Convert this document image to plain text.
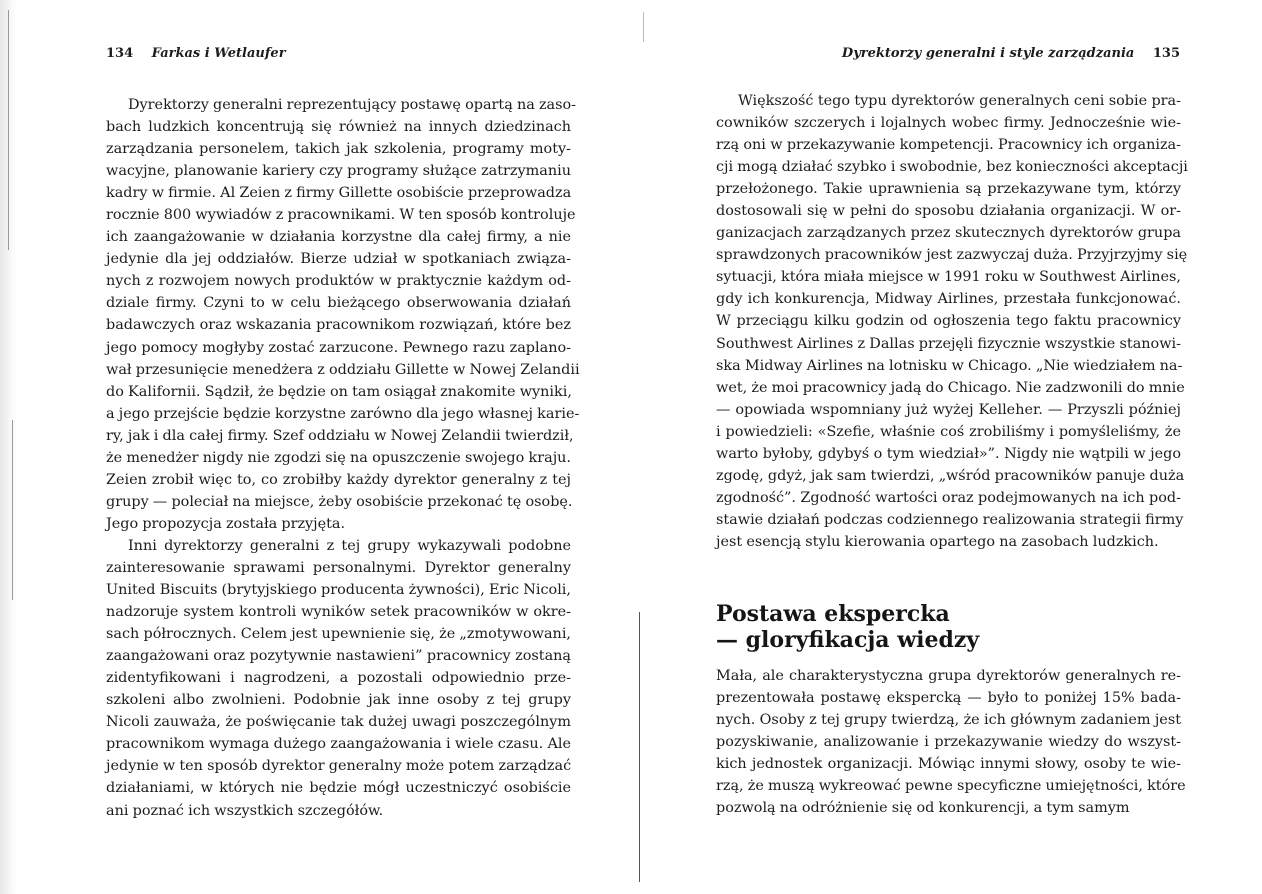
134 Farkas i Wetlaufer

Dyrektorzy generalni reprezentujący postawę opartą na zaso-
bach ludzkich koncentrują się również na innych dziedzinach
zarządzania personelem, takich jak szkolenia, programy moty-
wacyjne, planowanie kariery czy programy służące zatrzymaniu
kadry w firmie. Al Zeien z firmy Gillette osobiście przeprowadza
rocznie 800 wywiadów z pracownikami. W ten sposób kontroluje
ich zaangażowanie w działania korzystne dla całej firmy, a nie
jedynie dla jej oddziałów. Bierze udział w spotkaniach związa-
nych z rozwojem nowych produktów w praktycznie każdym od-
dziale firmy. Czyni to w celu bieżącego obserwowania działań
badawczych oraz wskazania pracownikom rozwiązań, które bez
jego pomocy mogłyby zostać zarzucone. Pewnego razu zaplano-
wał przesunięcie menedżera z oddziału Gillette w Nowej Zelandii
do Kalifornii. Sądził, że będzie on tam osiągał znakomite wyniki,
a jego przejście będzie korzystne zarówno dla jego własnej karie-
ry, jak i dla całej firmy. Szef oddziału w Nowej Zelandii twierdził,
że menedżer nigdy nie zgodzi się na opuszczenie swojego kraju.
Zeien zrobił więc to, co zrobiłby każdy dyrektor generalny z tej
grupy — poleciał na miejsce, żeby osobiście przekonać tę osobę.
Jego propozycja została przyjęta.

Inni dyrektorzy generalni z tej grupy wykazywali podobne
zainteresowanie sprawami personalnymi. Dyrektor generalny
United Biscuits (brytyjskiego producenta żywności), Eric Nicoli,
nadzoruje system kontroli wyników setek pracowników w okre-
sach półrocznych. Celem jest upewnienie się, że „zmotywowani,
zaangażowani oraz pozytywnie nastawieni” pracownicy zostaną
zidentyfikowani i nagrodzeni, a pozostali odpowiednio prze-
szkoleni albo zwolnieni. Podobnie jak inne osoby z tej grupy
Nicoli zauważa, że poświęcanie tak dużej uwagi poszczególnym
pracownikom wymaga dużego zaangażowania i wiele czasu. Ale
jedynie w ten sposób dyrektor generalny może potem zarządzać
działaniami, w których nie będzie mógł uczestniczyć osobiście
ani poznać ich wszystkich szczegółów.

Dyrektorzy generalni i style zarządzania 135

Większość tego typu dyrektorów generalnych ceni sobie pra-
cowników szczerych i lojalnych wobec firmy. Jednocześnie wie-
rzą oni w przekazywanie kompetencji. Pracownicy ich organiza-
cji mogą działać szybko i swobodnie, bez konieczności akceptacji
przełożonego. Takie uprawnienia są przekazywane tym, którzy
dostosowali się w pełni do sposobu działania organizacji. W or-
ganizacjach zarządzanych przez skutecznych dyrektorów grupa
sprawdzonych pracowników jest zazwyczaj duża. Przyjrzyjmy się
sytuacji, która miała miejsce w 1991 roku w Southwest Airlines,
gdy ich konkurencja, Midway Airlines, przestała funkcjonować.
W przeciągu kilku godzin od ogłoszenia tego faktu pracownicy
Southwest Airlines z Dallas przejęli fizycznie wszystkie stanowi-
ska Midway Airlines na lotnisku w Chicago. „Nie wiedziałem na-
wet, że moi pracownicy jadą do Chicago. Nie zadzwonili do mnie
— opowiada wspomniany już wyżej Kelleher. — Przyszli później
i powiedzieli: «Szefie, właśnie coś zrobiliśmy i pomyśleliśmy, że
warto byłoby, gdybyś o tym wiedział»”. Nigdy nie wątpili w jego
zgodę, gdyż, jak sam twierdzi, „wśród pracowników panuje duża
zgodność”. Zgodność wartości oraz podejmowanych na ich pod-
stawie działań podczas codziennego realizowania strategii firmy
jest esencją stylu kierowania opartego na zasobach ludzkich.

Postawa ekspercka
— gloryfikacja wiedzy

Mała, ale charakterystyczna grupa dyrektorów generalnych re-
prezentowała postawę ekspercką — było to poniżej 15% bada-
nych. Osoby z tej grupy twierdzą, że ich głównym zadaniem jest
pozyskiwanie, analizowanie i przekazywanie wiedzy do wszyst-
kich jednostek organizacji. Mówiąc innymi słowy, osoby te wie-
rzą, że muszą wykreować pewne specyficzne umiejętności, które
pozwolą na odróżnienie się od konkurencji, a tym samym
